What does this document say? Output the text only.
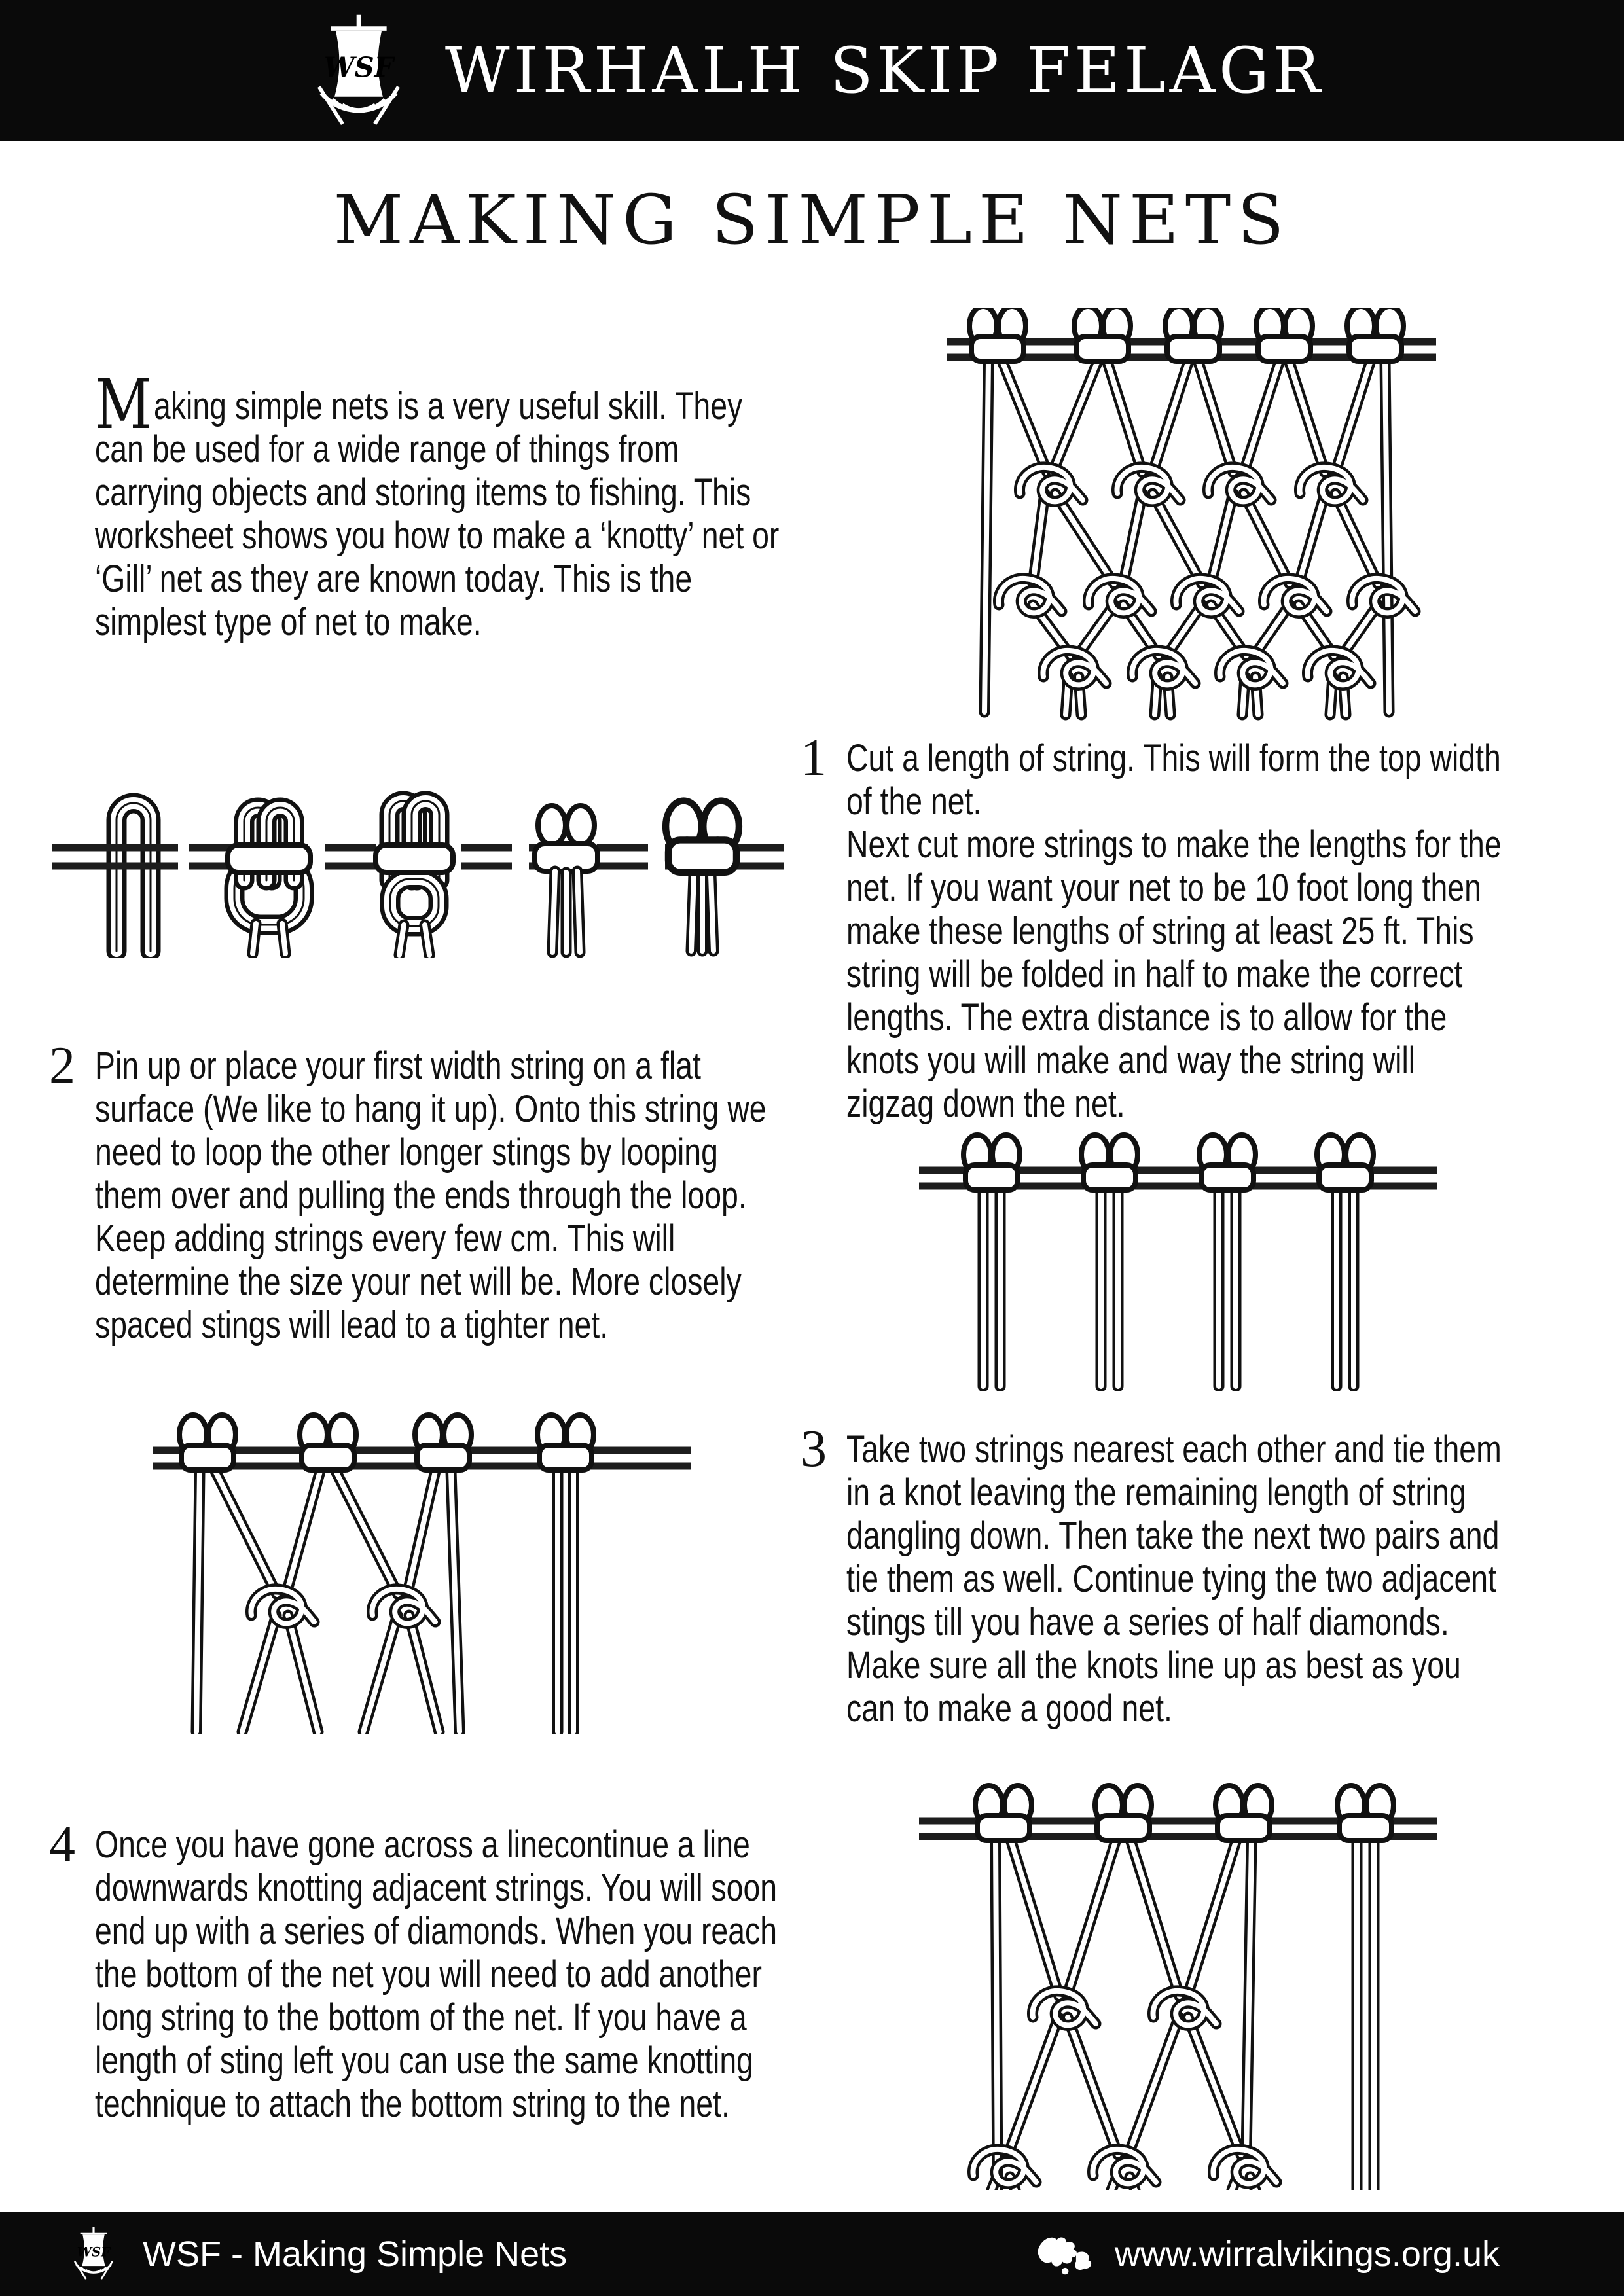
WIRHALH SKIP FELAGR
MAKING SIMPLE NETS
Making simple nets is a very useful skill. They can be used for a wide range of things from carrying objects and storing items to fishing. This worksheet shows you how to make a ‘knotty’ net or ‘Gill’ net as they are known today. This is the simplest type of net to make.
1 Cut a length of string. This will form the top width of the net.
Next cut more strings to make the lengths for the net. If you want your net to be 10 foot long then make these lengths of string at least 25 ft. This string will be folded in half to make the correct lengths. The extra distance is to allow for the knots you will make and way the string will zigzag down the net.
2 Pin up or place your first width string on a flat surface (We like to hang it up). Onto this string we need to loop the other longer stings by looping them over and pulling the ends through the loop. Keep adding strings every few cm. This will determine the size your net will be. More closely spaced stings will lead to a tighter net.
3 Take two strings nearest each other and tie them in a knot leaving the remaining length of string dangling down. Then take the next two pairs and tie them as well. Continue tying the two adjacent stings till you have a series of half diamonds. Make sure all the knots line up as best as you can to make a good net.
4 Once you have gone across a linecontinue a line downwards knotting adjacent strings. You will soon end up with a series of diamonds. When you reach the bottom of the net you will need to add another long string to the bottom of the net. If you have a length of sting left you can use the same knotting technique to attach the bottom string to the net.
WSF - Making Simple Nets	www.wirralvikings.org.uk
